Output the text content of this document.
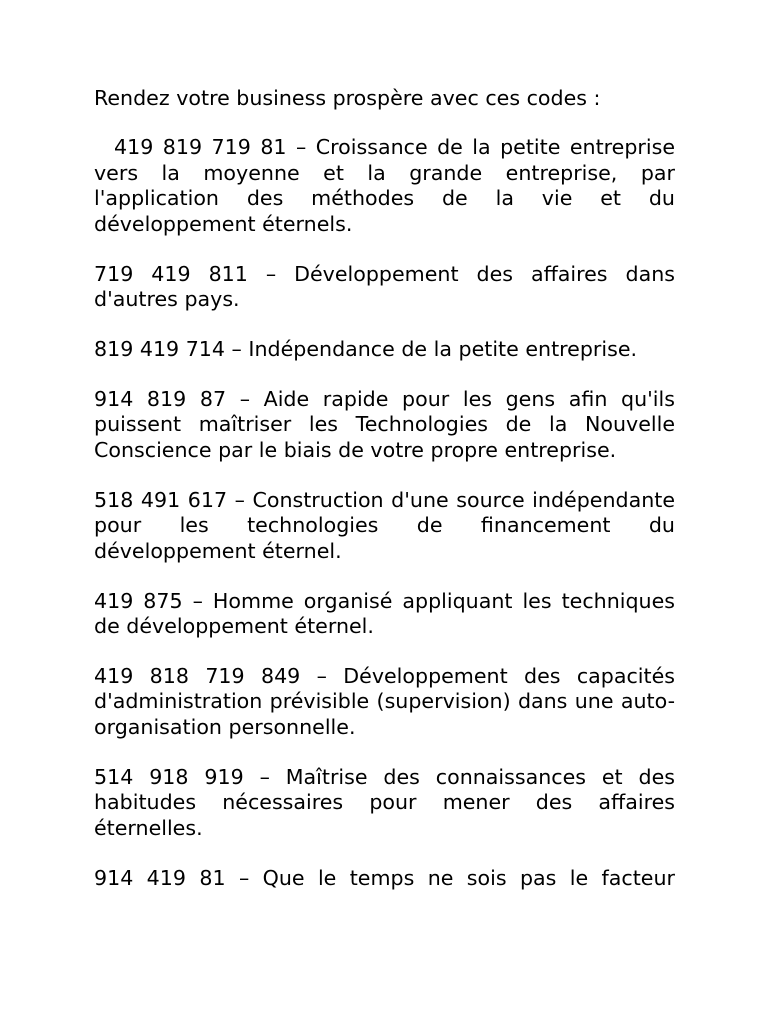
Rendez votre business prospère avec ces codes :

419 819 719 81 – Croissance de la petite entreprise vers la moyenne et la grande entreprise, par l'application des méthodes de la vie et du développement éternels.

719 419 811 – Développement des affaires dans d'autres pays.

819 419 714 – Indépendance de la petite entreprise.

914 819 87 – Aide rapide pour les gens afin qu'ils puissent maîtriser les Technologies de la Nouvelle Conscience par le biais de votre propre entreprise.

518 491 617 – Construction d'une source indépendante pour les technologies de financement du développement éternel.

419 875 – Homme organisé appliquant les techniques de développement éternel.

419 818 719 849 – Développement des capacités d'administration prévisible (supervision) dans une auto-organisation personnelle.

514 918 919 – Maîtrise des connaissances et des habitudes nécessaires pour mener des affaires éternelles.

914 419 81 – Que le temps ne sois pas le facteur
